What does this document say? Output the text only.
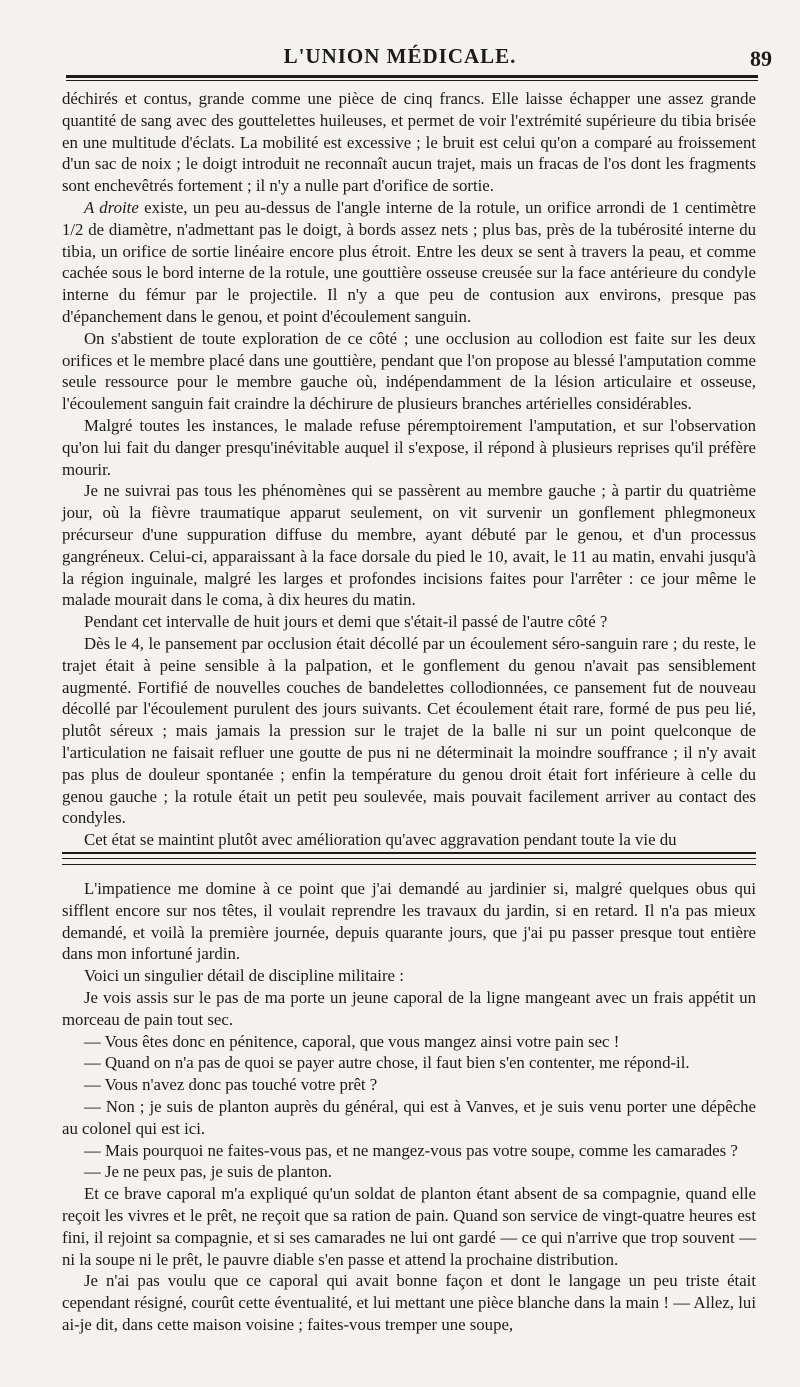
L'UNION MÉDICALE.	89

déchirés et contus, grande comme une pièce de cinq francs. Elle laisse échapper une assez grande quantité de sang avec des gouttelettes huileuses, et permet de voir l'extrémité supérieure du tibia brisée en une multitude d'éclats. La mobilité est excessive ; le bruit est celui qu'on a comparé au froissement d'un sac de noix ; le doigt introduit ne reconnaît aucun trajet, mais un fracas de l'os dont les fragments sont enchevêtrés fortement ; il n'y a nulle part d'orifice de sortie.

A droite existe, un peu au-dessus de l'angle interne de la rotule, un orifice arrondi de 1 centimètre 1/2 de diamètre, n'admettant pas le doigt, à bords assez nets ; plus bas, près de la tubérosité interne du tibia, un orifice de sortie linéaire encore plus étroit. Entre les deux se sent à travers la peau, et comme cachée sous le bord interne de la rotule, une gouttière osseuse creusée sur la face antérieure du condyle interne du fémur par le projectile. Il n'y a que peu de contusion aux environs, presque pas d'épanchement dans le genou, et point d'écoulement sanguin.

On s'abstient de toute exploration de ce côté ; une occlusion au collodion est faite sur les deux orifices et le membre placé dans une gouttière, pendant que l'on propose au blessé l'amputation comme seule ressource pour le membre gauche où, indépendamment de la lésion articulaire et osseuse, l'écoulement sanguin fait craindre la déchirure de plusieurs branches artérielles considérables.

Malgré toutes les instances, le malade refuse péremptoirement l'amputation, et sur l'observation qu'on lui fait du danger presqu'inévitable auquel il s'expose, il répond à plusieurs reprises qu'il préfère mourir.

Je ne suivrai pas tous les phénomènes qui se passèrent au membre gauche ; à partir du quatrième jour, où la fièvre traumatique apparut seulement, on vit survenir un gonflement phlegmoneux précurseur d'une suppuration diffuse du membre, ayant débuté par le genou, et d'un processus gangréneux. Celui-ci, apparaissant à la face dorsale du pied le 10, avait, le 11 au matin, envahi jusqu'à la région inguinale, malgré les larges et profondes incisions faites pour l'arrêter : ce jour même le malade mourait dans le coma, à dix heures du matin.

Pendant cet intervalle de huit jours et demi que s'était-il passé de l'autre côté ?

Dès le 4, le pansement par occlusion était décollé par un écoulement séro-sanguin rare ; du reste, le trajet était à peine sensible à la palpation, et le gonflement du genou n'avait pas sensiblement augmenté. Fortifié de nouvelles couches de bandelettes collodionnées, ce pansement fut de nouveau décollé par l'écoulement purulent des jours suivants. Cet écoulement était rare, formé de pus peu lié, plutôt séreux ; mais jamais la pression sur le trajet de la balle ni sur un point quelconque de l'articulation ne faisait refluer une goutte de pus ni ne déterminait la moindre souffrance ; il n'y avait pas plus de douleur spontanée ; enfin la température du genou droit était fort inférieure à celle du genou gauche ; la rotule était un petit peu soulevée, mais pouvait facilement arriver au contact des condyles.

Cet état se maintint plutôt avec amélioration qu'avec aggravation pendant toute la vie du

L'impatience me domine à ce point que j'ai demandé au jardinier si, malgré quelques obus qui sifflent encore sur nos têtes, il voulait reprendre les travaux du jardin, si en retard. Il n'a pas mieux demandé, et voilà la première journée, depuis quarante jours, que j'ai pu passer presque tout entière dans mon infortuné jardin.

Voici un singulier détail de discipline militaire :

Je vois assis sur le pas de ma porte un jeune caporal de la ligne mangeant avec un frais appétit un morceau de pain tout sec.

— Vous êtes donc en pénitence, caporal, que vous mangez ainsi votre pain sec !

— Quand on n'a pas de quoi se payer autre chose, il faut bien s'en contenter, me répond-il.

— Vous n'avez donc pas touché votre prêt ?

— Non ; je suis de planton auprès du général, qui est à Vanves, et je suis venu porter une dépêche au colonel qui est ici.

— Mais pourquoi ne faites-vous pas, et ne mangez-vous pas votre soupe, comme les camarades ?

— Je ne peux pas, je suis de planton.

Et ce brave caporal m'a expliqué qu'un soldat de planton étant absent de sa compagnie, quand elle reçoit les vivres et le prêt, ne reçoit que sa ration de pain. Quand son service de vingt-quatre heures est fini, il rejoint sa compagnie, et si ses camarades ne lui ont gardé — ce qui n'arrive que trop souvent — ni la soupe ni le prêt, le pauvre diable s'en passe et attend la prochaine distribution.

Je n'ai pas voulu que ce caporal qui avait bonne façon et dont le langage un peu triste était cependant résigné, courût cette éventualité, et lui mettant une pièce blanche dans la main ! — Allez, lui ai-je dit, dans cette maison voisine ; faites-vous tremper une soupe,
